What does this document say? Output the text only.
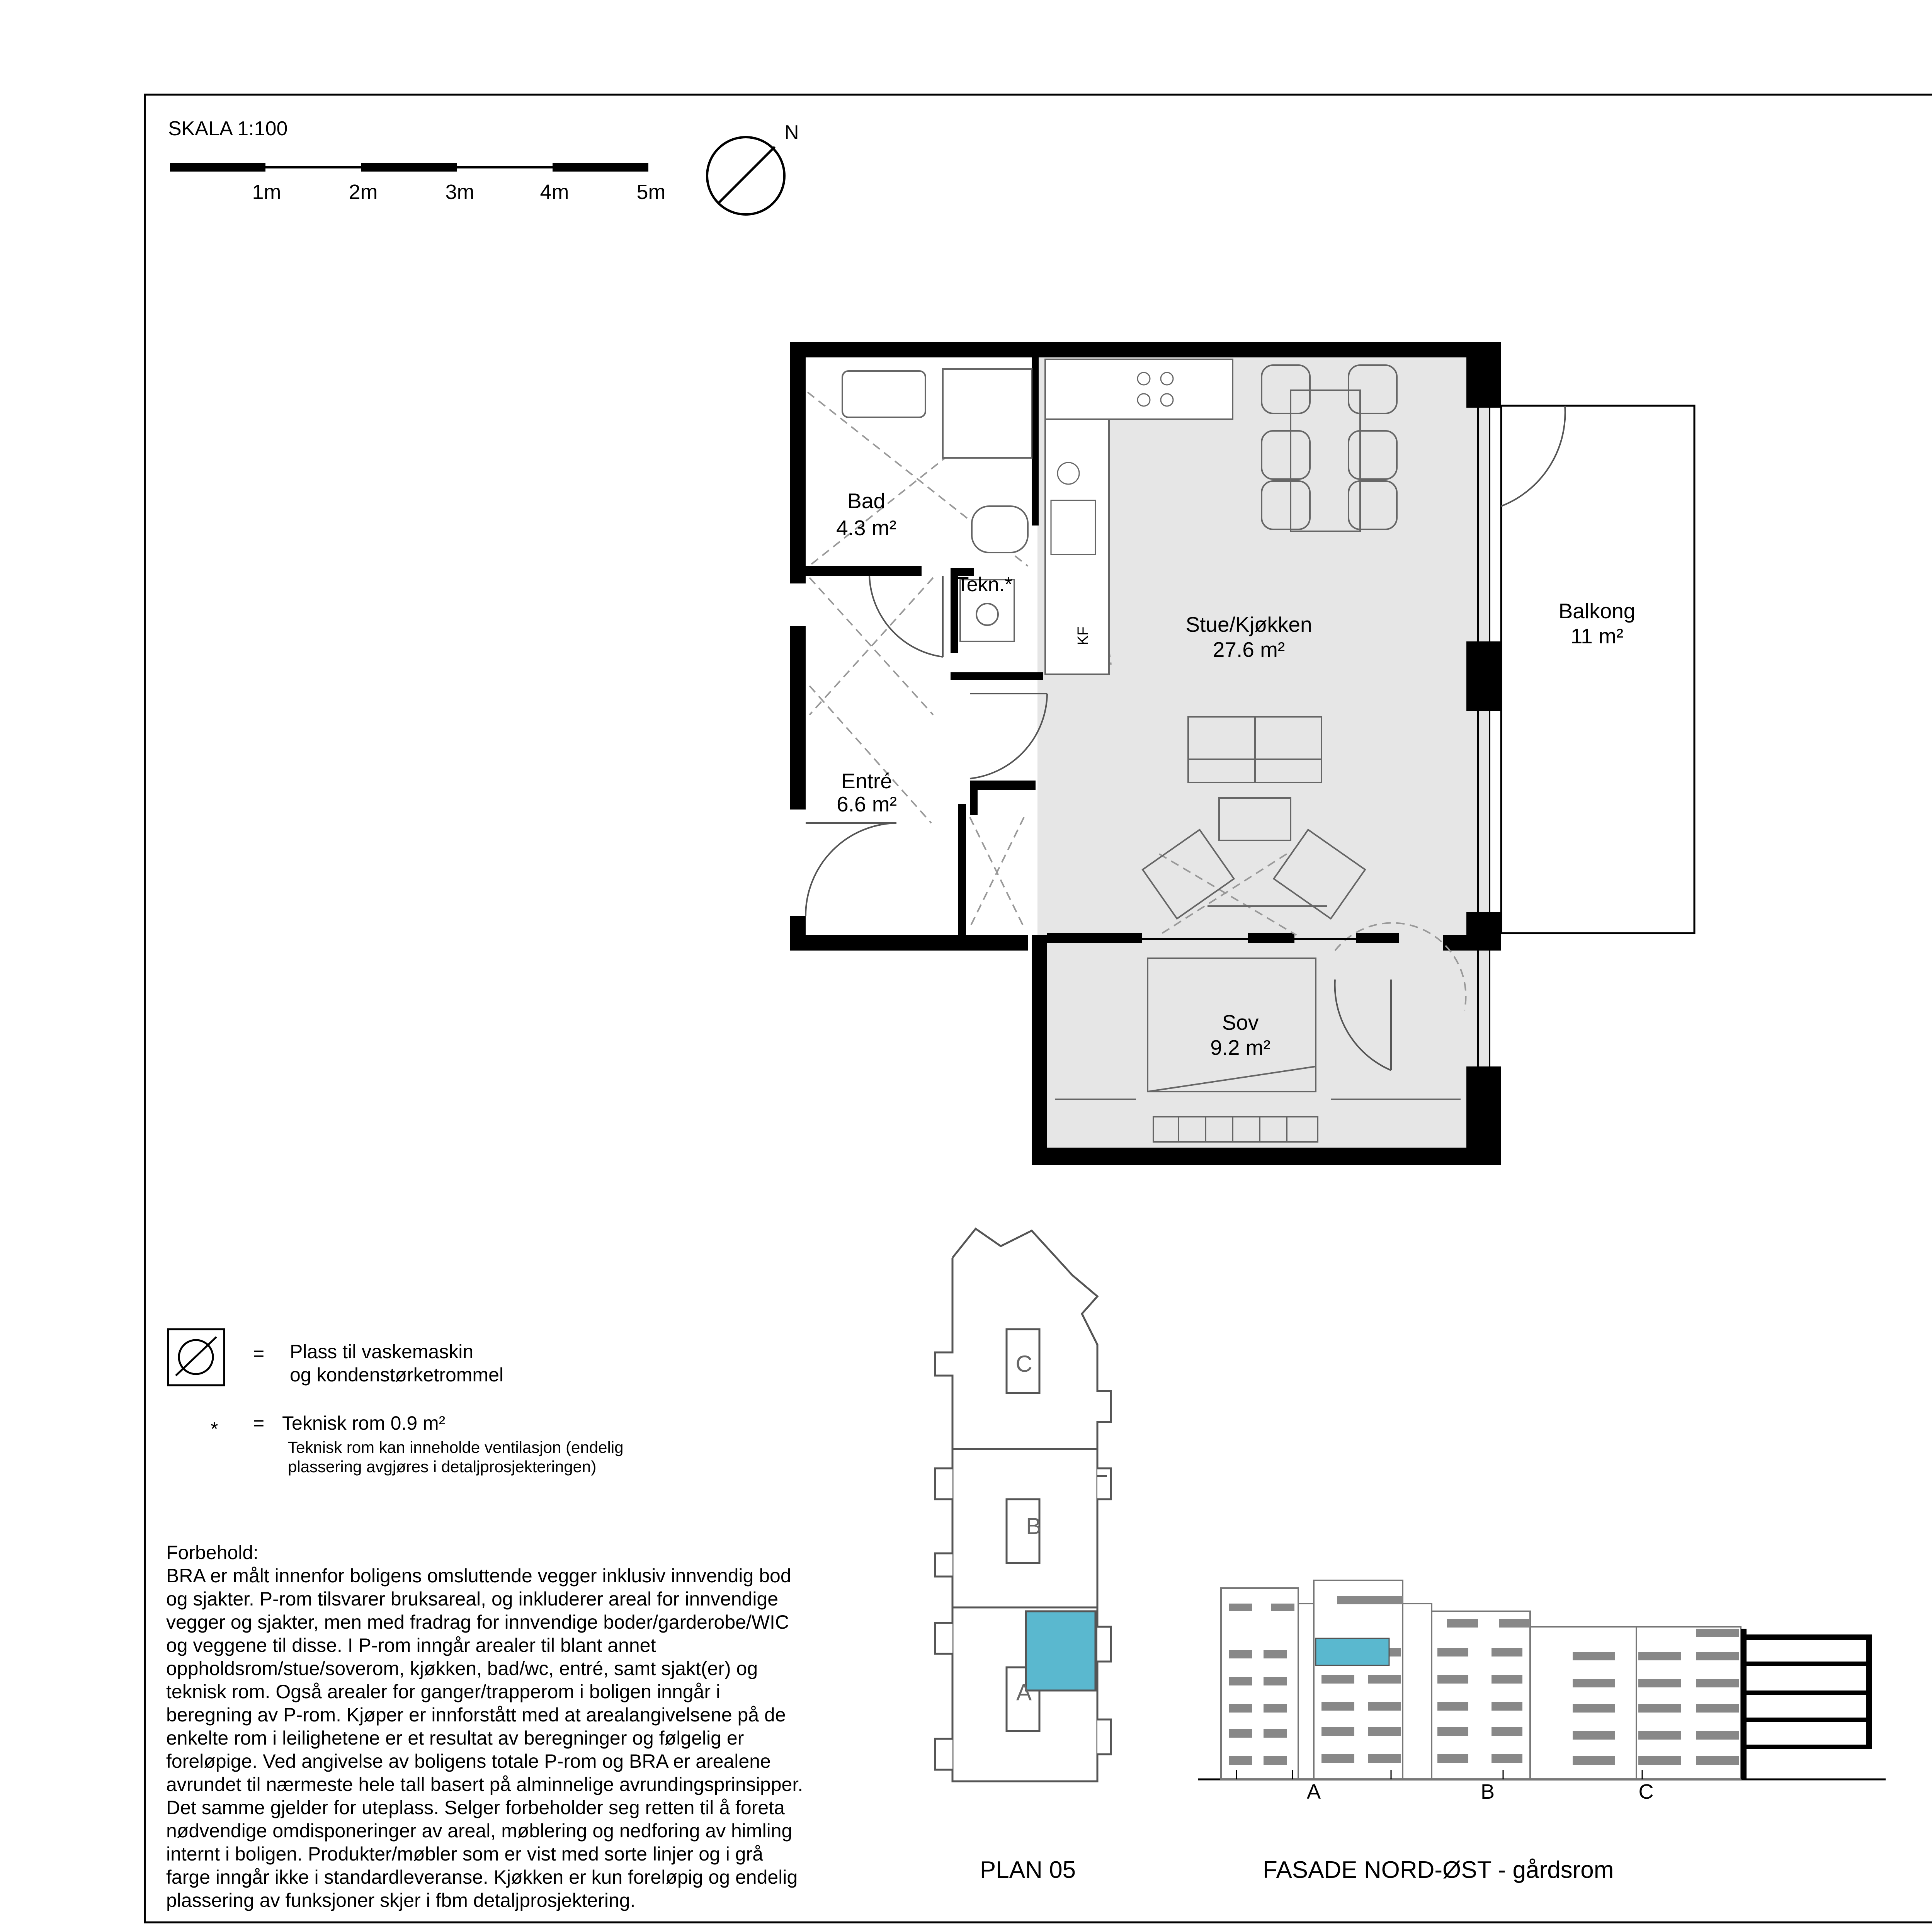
SKALA 1:100
1m	2m	3m	4m	5m
N
KF
Bad
4.3 m²
Tekn.*
Entré
6.6 m²
Stue/Kjøkken
27.6 m²
Balkong
11 m²
Sov
9.2 m²
= Plass til vaskemaskin
og kondenstørketrommel
* = Teknisk rom 0.9 m²
Teknisk rom kan inneholde ventilasjon (endelig
plassering avgjøres i detaljprosjekteringen)
Forbehold:
BRA er målt innenfor boligens omsluttende vegger inklusiv innvendig bod
og sjakter. P-rom tilsvarer bruksareal, og inkluderer areal for innvendige
vegger og sjakter, men med fradrag for innvendige boder/garderobe/WIC
og veggene til disse. I P-rom inngår arealer til blant annet
oppholdsrom/stue/soverom, kjøkken, bad/wc, entré, samt sjakt(er) og
teknisk rom. Også arealer for ganger/trapperom i boligen inngår i
beregning av P-rom. Kjøper er innforstått med at arealangivelsene på de
enkelte rom i leilighetene er et resultat av beregninger og følgelig er
foreløpige. Ved angivelse av boligens totale P-rom og BRA er arealene
avrundet til nærmeste hele tall basert på alminnelige avrundingsprinsipper.
Det samme gjelder for uteplass. Selger forbeholder seg retten til å foreta
nødvendige omdisponeringer av areal, møblering og nedforing av himling
internt i boligen. Produkter/møbler som er vist med sorte linjer og i grå
farge inngår ikke i standardleveranse. Kjøkken er kun foreløpig og endelig
plassering av funksjoner skjer i fbm detaljprosjektering.
C
B
A
PLAN 05
A	B	C
FASADE NORD-ØST - gårdsrom
